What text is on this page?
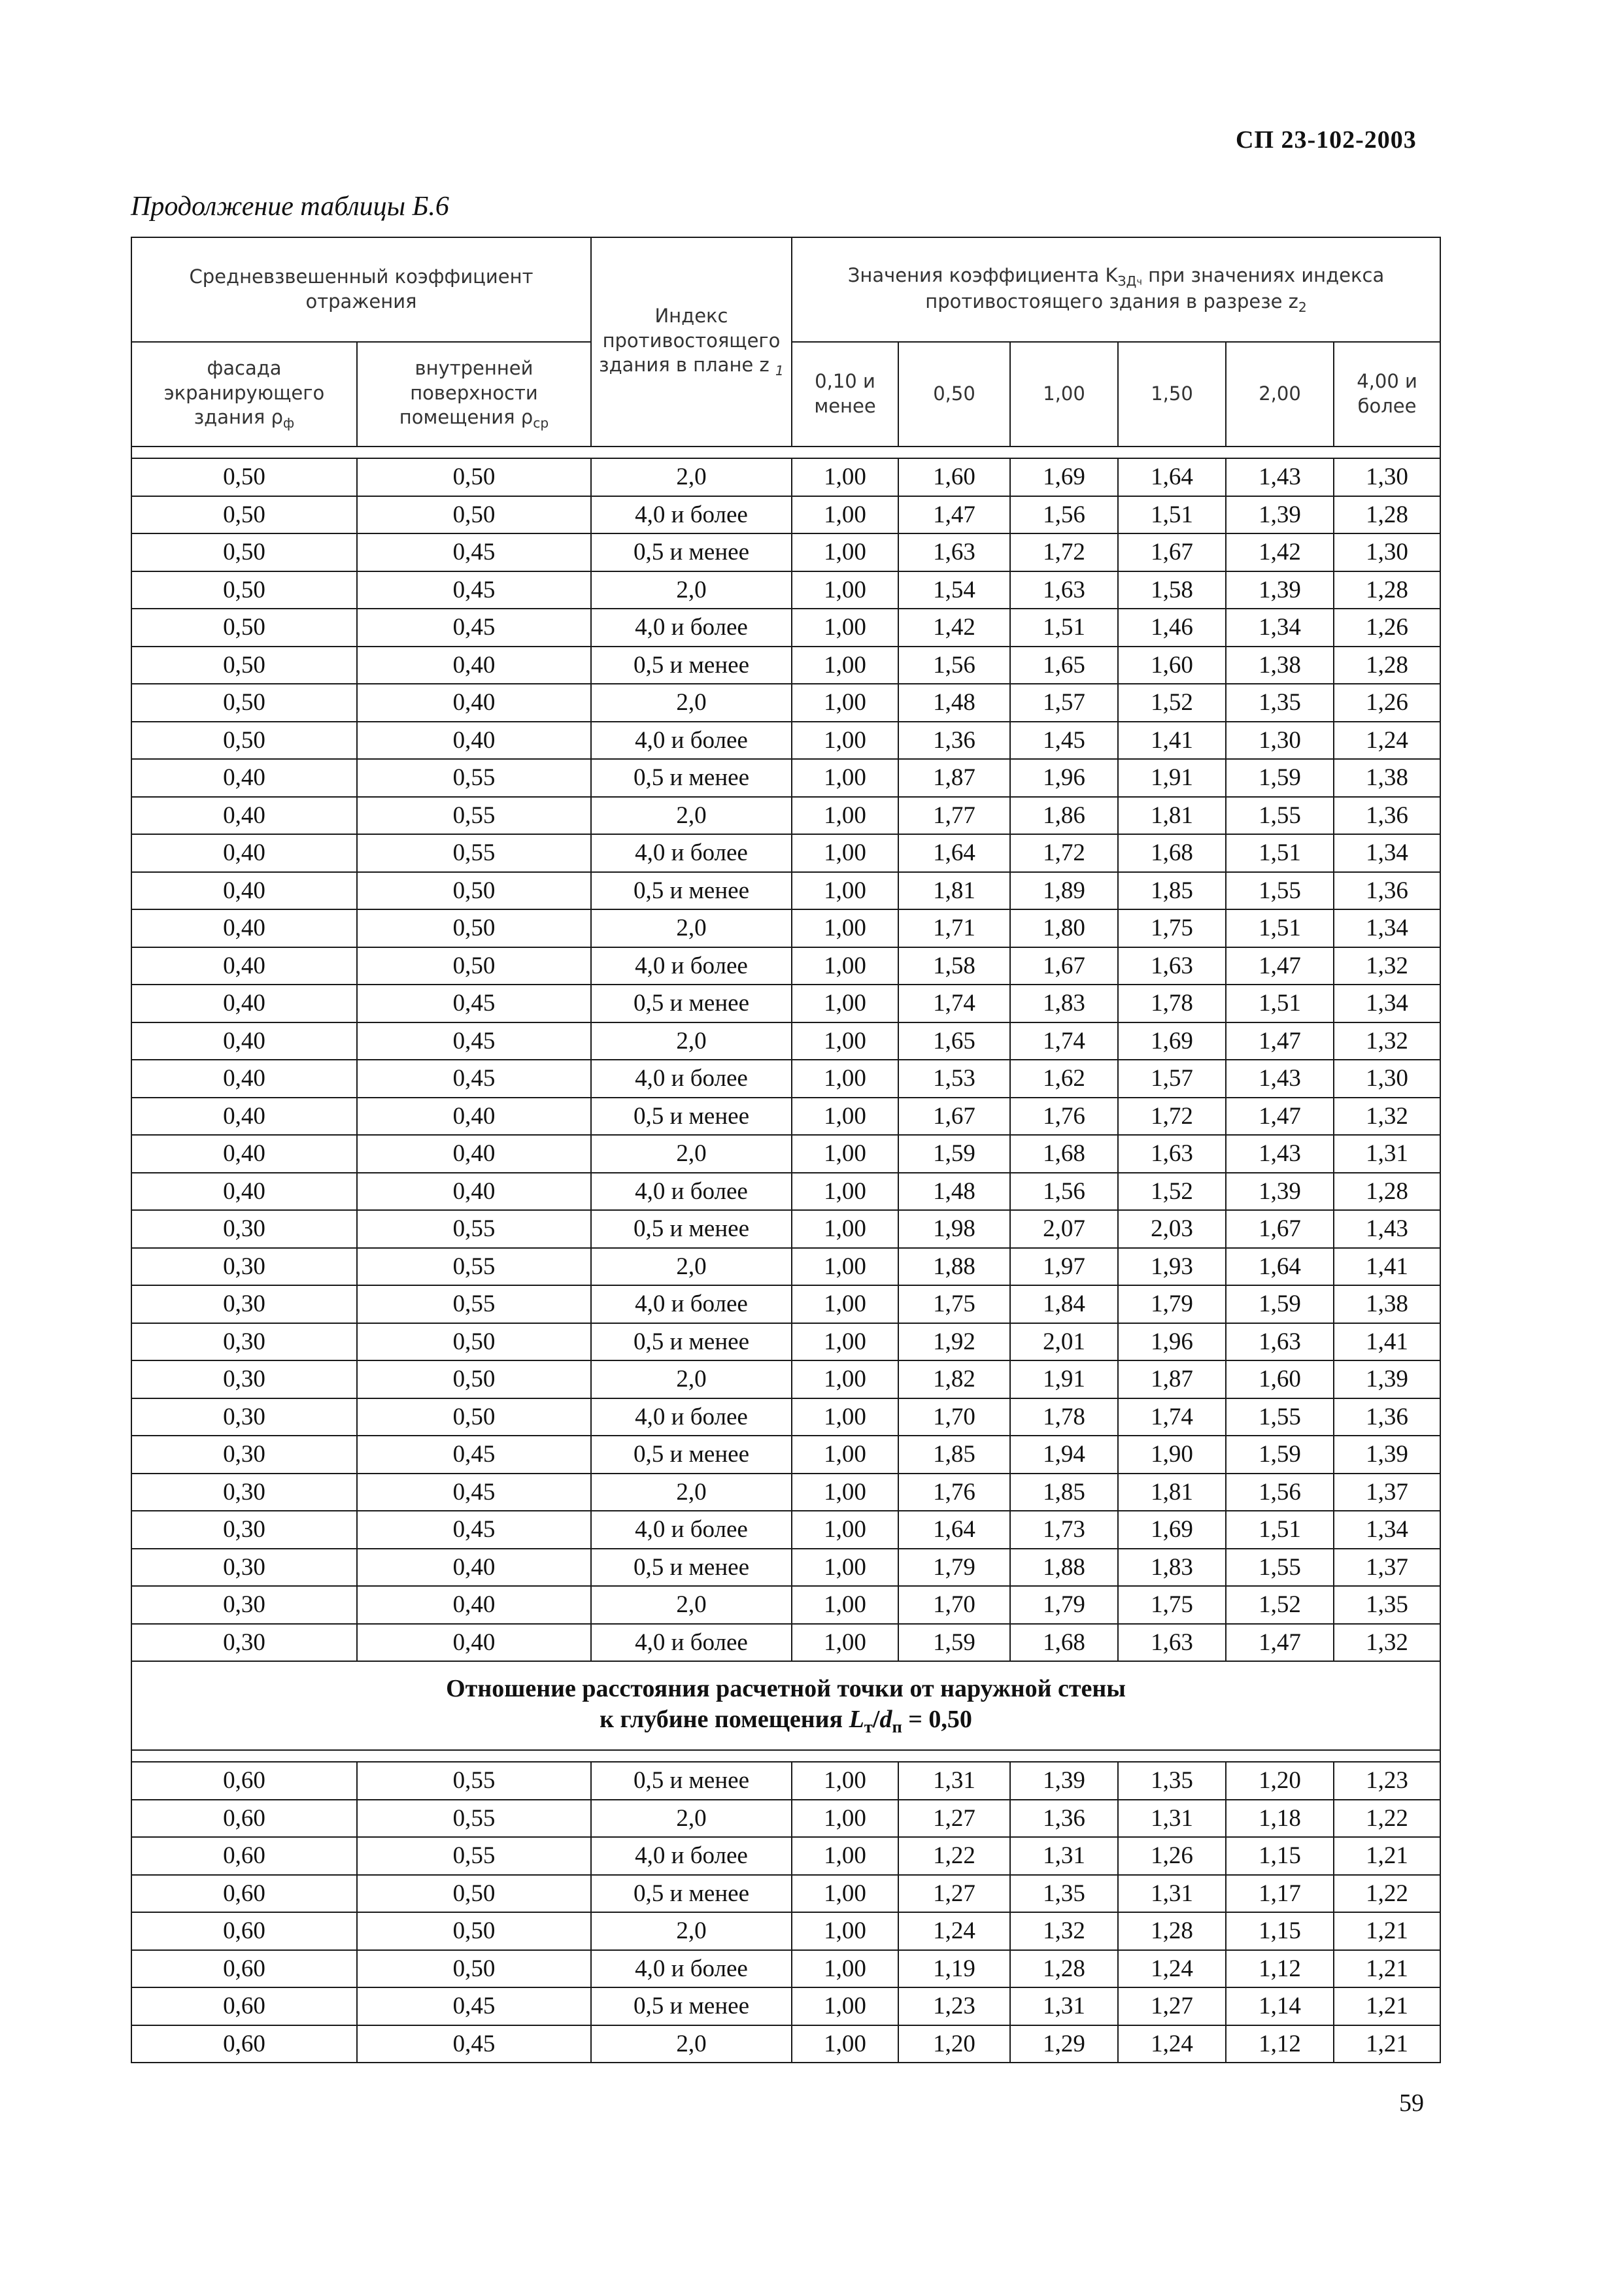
СП 23-102-2003
Продолжение таблицы Б.6
Средневзвешенный коэффициент отражения		Индекс противостоящего здания в плане z $_1$	Значения коэффициента $K_{ЗДч}$ при значениях индекса противостоящего здания в разрезе $z_2$
фасада экранирующего здания $\rho_ф$	внутренней поверхности помещения $\rho_{ср}$		0,10 и менее	0,50	1,00	1,50	2,00	4,00 и более

0,50	0,50	2,0	1,00	1,60	1,69	1,64	1,43	1,30
0,50	0,50	4,0 и более	1,00	1,47	1,56	1,51	1,39	1,28
0,50	0,45	0,5 и менее	1,00	1,63	1,72	1,67	1,42	1,30
0,50	0,45	2,0	1,00	1,54	1,63	1,58	1,39	1,28
0,50	0,45	4,0 и более	1,00	1,42	1,51	1,46	1,34	1,26
0,50	0,40	0,5 и менее	1,00	1,56	1,65	1,60	1,38	1,28
0,50	0,40	2,0	1,00	1,48	1,57	1,52	1,35	1,26
0,50	0,40	4,0 и более	1,00	1,36	1,45	1,41	1,30	1,24
0,40	0,55	0,5 и менее	1,00	1,87	1,96	1,91	1,59	1,38
0,40	0,55	2,0	1,00	1,77	1,86	1,81	1,55	1,36
0,40	0,55	4,0 и более	1,00	1,64	1,72	1,68	1,51	1,34
0,40	0,50	0,5 и менее	1,00	1,81	1,89	1,85	1,55	1,36
0,40	0,50	2,0	1,00	1,71	1,80	1,75	1,51	1,34
0,40	0,50	4,0 и более	1,00	1,58	1,67	1,63	1,47	1,32
0,40	0,45	0,5 и менее	1,00	1,74	1,83	1,78	1,51	1,34
0,40	0,45	2,0	1,00	1,65	1,74	1,69	1,47	1,32
0,40	0,45	4,0 и более	1,00	1,53	1,62	1,57	1,43	1,30
0,40	0,40	0,5 и менее	1,00	1,67	1,76	1,72	1,47	1,32
0,40	0,40	2,0	1,00	1,59	1,68	1,63	1,43	1,31
0,40	0,40	4,0 и более	1,00	1,48	1,56	1,52	1,39	1,28
0,30	0,55	0,5 и менее	1,00	1,98	2,07	2,03	1,67	1,43
0,30	0,55	2,0	1,00	1,88	1,97	1,93	1,64	1,41
0,30	0,55	4,0 и более	1,00	1,75	1,84	1,79	1,59	1,38
0,30	0,50	0,5 и менее	1,00	1,92	2,01	1,96	1,63	1,41
0,30	0,50	2,0	1,00	1,82	1,91	1,87	1,60	1,39
0,30	0,50	4,0 и более	1,00	1,70	1,78	1,74	1,55	1,36
0,30	0,45	0,5 и менее	1,00	1,85	1,94	1,90	1,59	1,39
0,30	0,45	2,0	1,00	1,76	1,85	1,81	1,56	1,37
0,30	0,45	4,0 и более	1,00	1,64	1,73	1,69	1,51	1,34
0,30	0,40	0,5 и менее	1,00	1,79	1,88	1,83	1,55	1,37
0,30	0,40	2,0	1,00	1,70	1,79	1,75	1,52	1,35
0,30	0,40	4,0 и более	1,00	1,59	1,68	1,63	1,47	1,32

Отношение расстояния расчетной точки от наружной стены
к глубине помещения $L_т/d_п = 0,50$								

0,60	0,55	0,5 и менее	1,00	1,31	1,39	1,35	1,20	1,23
0,60	0,55	2,0	1,00	1,27	1,36	1,31	1,18	1,22
0,60	0,55	4,0 и более	1,00	1,22	1,31	1,26	1,15	1,21
0,60	0,50	0,5 и менее	1,00	1,27	1,35	1,31	1,17	1,22
0,60	0,50	2,0	1,00	1,24	1,32	1,28	1,15	1,21
0,60	0,50	4,0 и более	1,00	1,19	1,28	1,24	1,12	1,21
0,60	0,45	0,5 и менее	1,00	1,23	1,31	1,27	1,14	1,21
0,60	0,45	2,0	1,00	1,20	1,29	1,24	1,12	1,21
59
